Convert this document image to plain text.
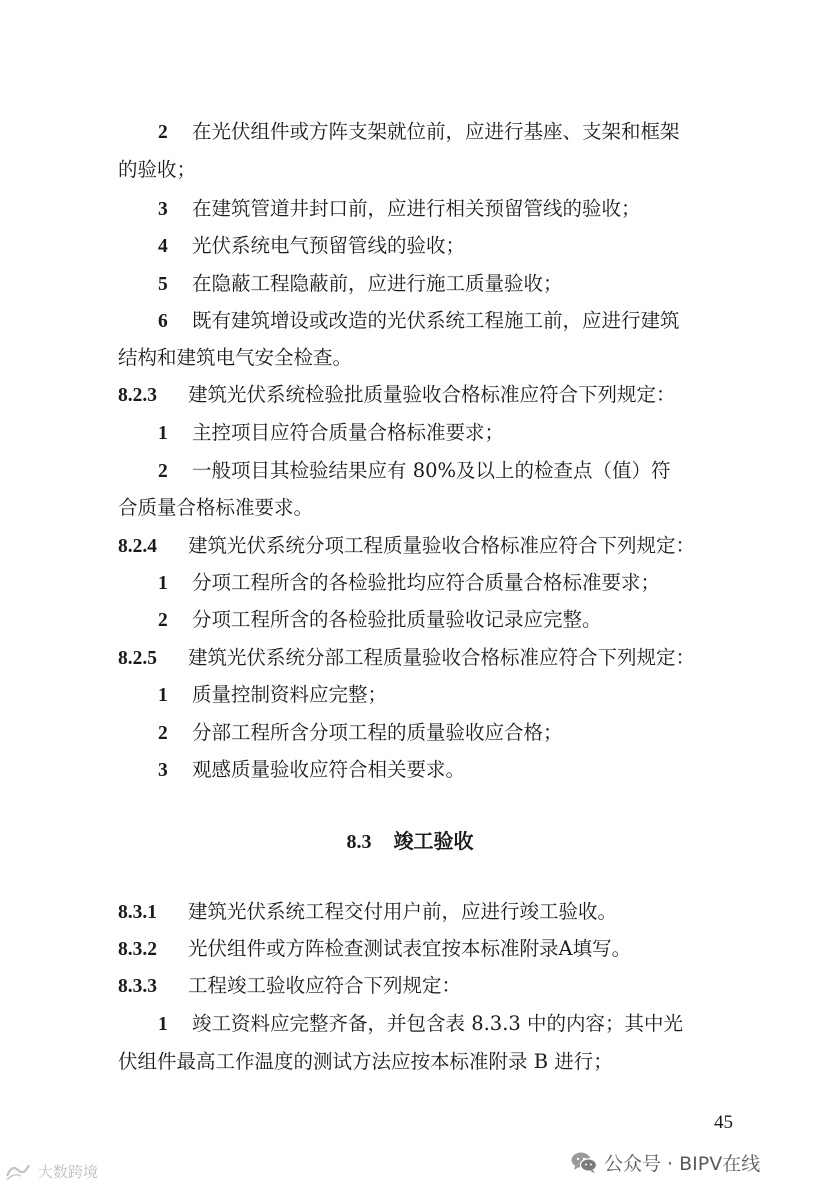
2 在光伏组件或方阵支架就位前，应进行基座、支架和框架
的验收；
3 在建筑管道井封口前，应进行相关预留管线的验收；
4 光伏系统电气预留管线的验收；
5 在隐蔽工程隐蔽前，应进行施工质量验收；
6 既有建筑增设或改造的光伏系统工程施工前，应进行建筑
结构和建筑电气安全检查。
8.2.3 建筑光伏系统检验批质量验收合格标准应符合下列规定：
1 主控项目应符合质量合格标准要求；
2 一般项目其检验结果应有 80%及以上的检查点（值）符
合质量合格标准要求。
8.2.4 建筑光伏系统分项工程质量验收合格标准应符合下列规定：
1 分项工程所含的各检验批均应符合质量合格标准要求；
2 分项工程所含的各检验批质量验收记录应完整。
8.2.5 建筑光伏系统分部工程质量验收合格标准应符合下列规定：
1 质量控制资料应完整；
2 分部工程所含分项工程的质量验收应合格；
3 观感质量验收应符合相关要求。
8.3 竣工验收
8.3.1 建筑光伏系统工程交付用户前，应进行竣工验收。
8.3.2 光伏组件或方阵检查测试表宜按本标准附录A填写。
8.3.3 工程竣工验收应符合下列规定：
1 竣工资料应完整齐备，并包含表 8.3.3 中的内容；其中光
伏组件最高工作温度的测试方法应按本标准附录 B 进行；
45
大数跨境	公众号 · BIPV在线
